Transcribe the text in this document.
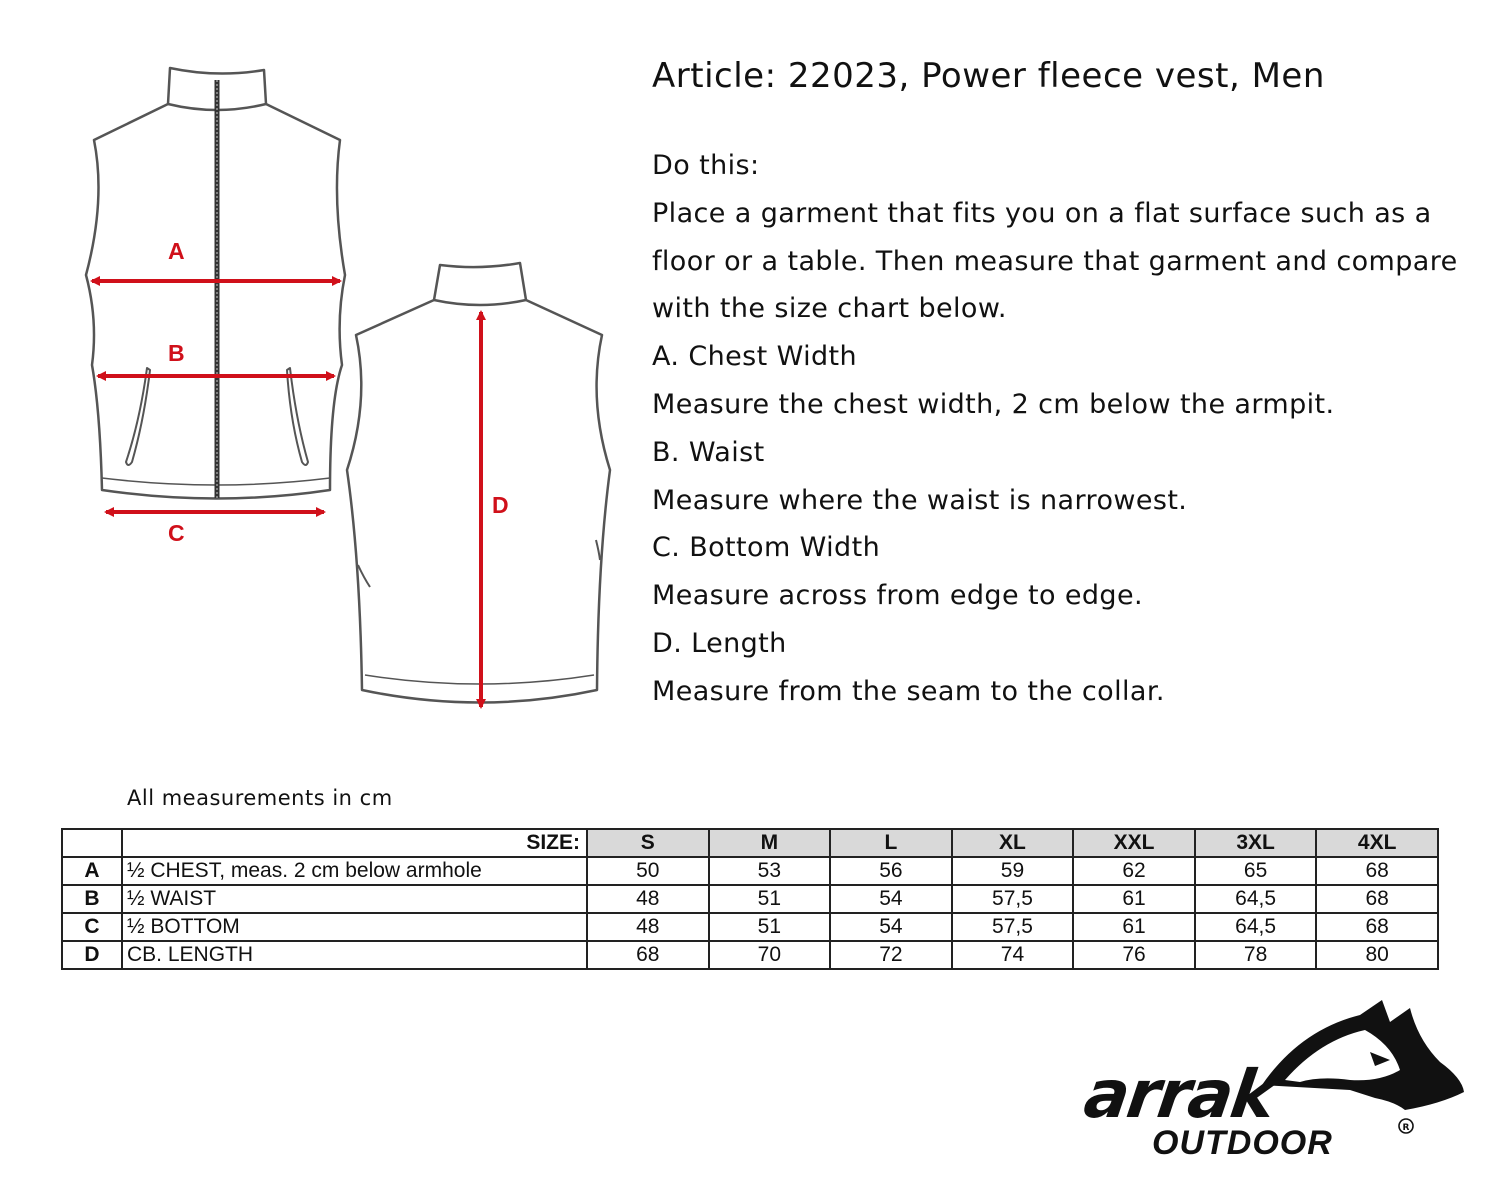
A
B
C
D
Article: 22023, Power fleece vest, Men
Do this:
Place a garment that fits you on a flat surface such as a
floor or a table. Then measure that garment and compare
with the size chart below.
A. Chest Width
Measure the chest width, 2 cm below the armpit.
B. Waist
Measure where the waist is narrowest.
C. Bottom Width
Measure across from edge to edge.
D. Length
Measure from the seam to the collar.
All measurements in cm
	SIZE:	S	M	L	XL	XXL	3XL	4XL
A	½ CHEST, meas. 2 cm below armhole	50	53	56	59	62	65	68
B	½ WAIST	48	51	54	57,5	61	64,5	68
C	½ BOTTOM	48	51	54	57,5	61	64,5	68
D	CB. LENGTH	68	70	72	74	76	78	80
arrak
OUTDOOR	R
